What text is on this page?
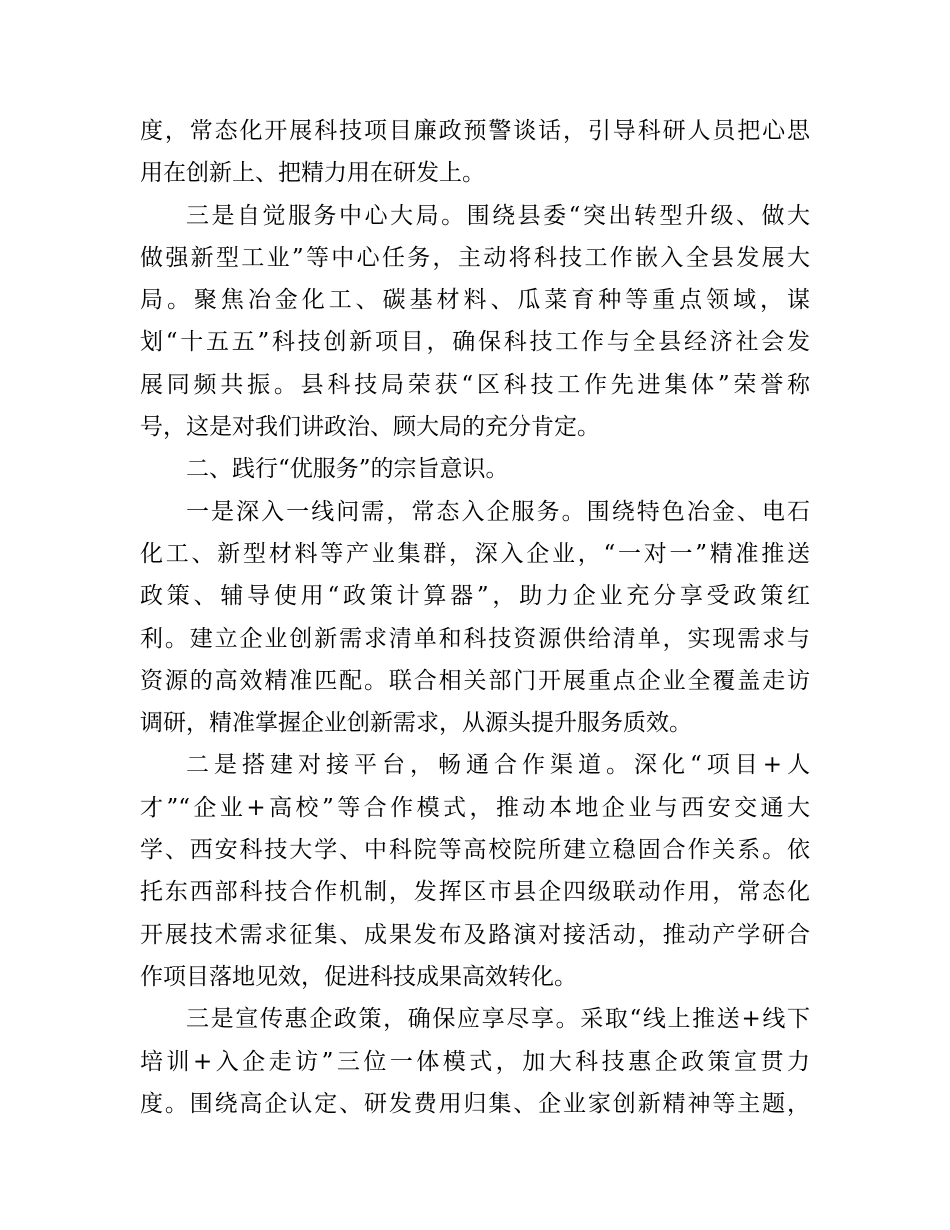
度，常态化开展科技项目廉政预警谈话，引导科研人员把心思
用在创新上、把精力用在研发上。
三是自觉服务中心大局。围绕县委“突出转型升级、做大
做强新型工业”等中心任务，主动将科技工作嵌入全县发展大
局。聚焦冶金化工、碳基材料、瓜菜育种等重点领域，谋
划“十五五”科技创新项目，确保科技工作与全县经济社会发
展同频共振。县科技局荣获“区科技工作先进集体”荣誉称
号，这是对我们讲政治、顾大局的充分肯定。
二、践行“优服务”的宗旨意识。
一是深入一线问需，常态入企服务。围绕特色冶金、电石
化工、新型材料等产业集群，深入企业，“一对一”精准推送
政策、辅导使用“政策计算器”，助力企业充分享受政策红
利。建立企业创新需求清单和科技资源供给清单，实现需求与
资源的高效精准匹配。联合相关部门开展重点企业全覆盖走访
调研，精准掌握企业创新需求，从源头提升服务质效。
二是搭建对接平台，畅通合作渠道。深化“项目+人
才”“企业+高校”等合作模式，推动本地企业与西安交通大
学、西安科技大学、中科院等高校院所建立稳固合作关系。依
托东西部科技合作机制，发挥区市县企四级联动作用，常态化
开展技术需求征集、成果发布及路演对接活动，推动产学研合
作项目落地见效，促进科技成果高效转化。
三是宣传惠企政策，确保应享尽享。采取“线上推送+线下
培训+入企走访”三位一体模式，加大科技惠企政策宣贯力
度。围绕高企认定、研发费用归集、企业家创新精神等主题，
